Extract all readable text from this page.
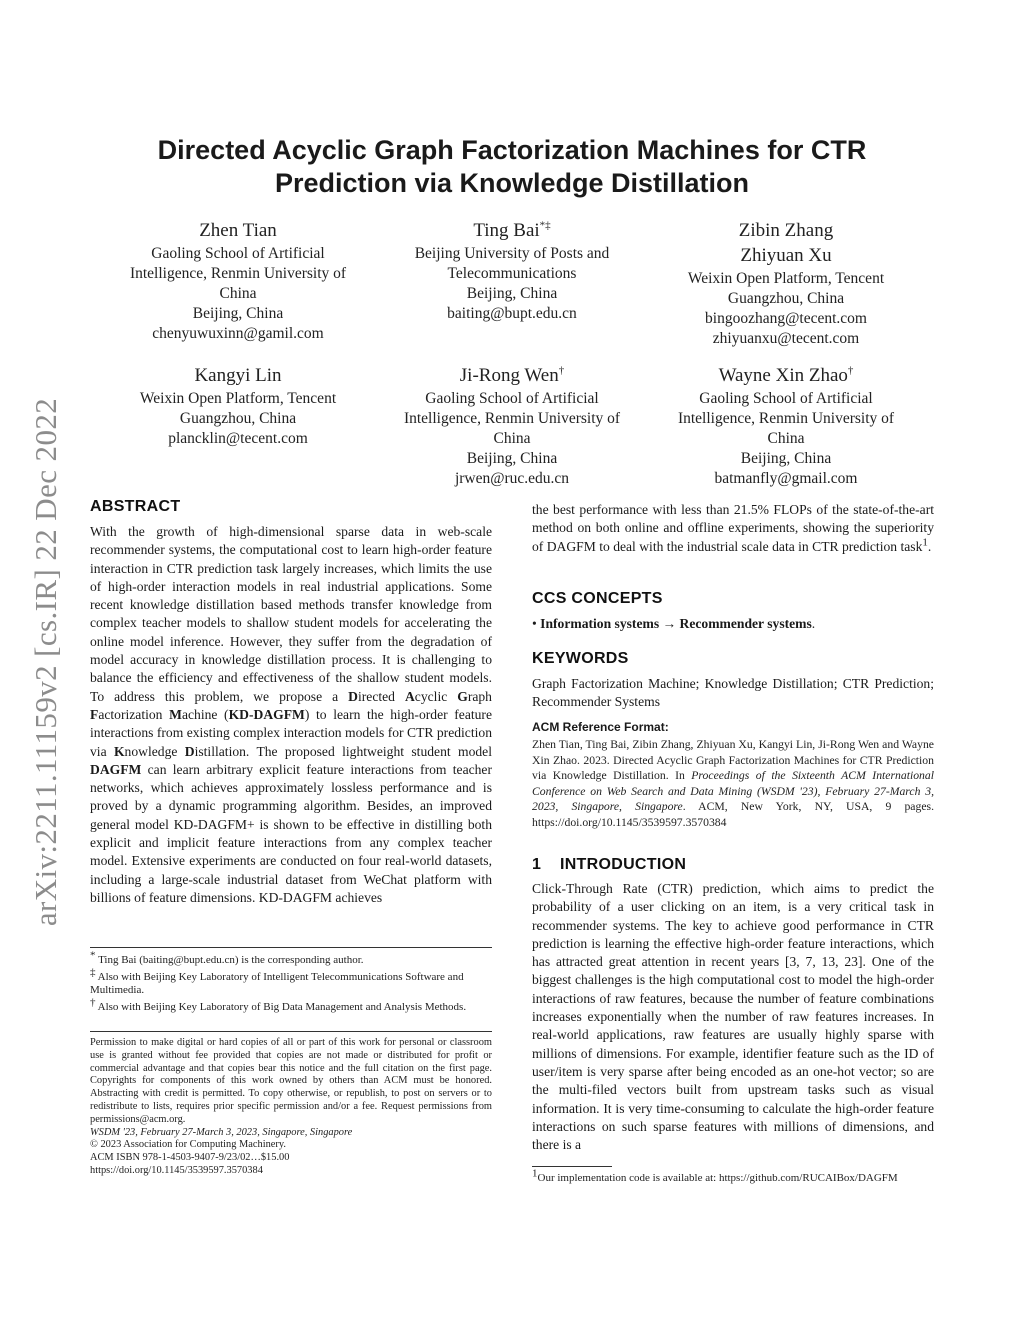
arXiv:2211.11159v2 [cs.IR] 22 Dec 2022
Directed Acyclic Graph Factorization Machines for CTR
Prediction via Knowledge Distillation
Zhen Tian
Gaoling School of Artificial
Intelligence, Renmin University of
China
Beijing, China
chenyuwuxinn@gamil.com
Ting Bai*‡
Beijing University of Posts and
Telecommunications
Beijing, China
baiting@bupt.edu.cn
Zibin Zhang
Zhiyuan Xu
Weixin Open Platform, Tencent
Guangzhou, China
bingoozhang@tecent.com
zhiyuanxu@tecent.com
Kangyi Lin
Weixin Open Platform, Tencent
Guangzhou, China
plancklin@tecent.com
Ji-Rong Wen†
Gaoling School of Artificial
Intelligence, Renmin University of
China
Beijing, China
jrwen@ruc.edu.cn
Wayne Xin Zhao†
Gaoling School of Artificial
Intelligence, Renmin University of
China
Beijing, China
batmanfly@gmail.com
ABSTRACT
With the growth of high-dimensional sparse data in web-scale recommender systems, the computational cost to learn high-order feature interaction in CTR prediction task largely increases, which limits the use of high-order interaction models in real industrial applications. Some recent knowledge distillation based methods transfer knowledge from complex teacher models to shallow student models for accelerating the online model inference. However, they suffer from the degradation of model accuracy in knowledge distillation process. It is challenging to balance the efficiency and effectiveness of the shallow student models. To address this problem, we propose a Directed Acyclic Graph Factorization Machine (KD-DAGFM) to learn the high-order feature interactions from existing complex interaction models for CTR prediction via Knowledge Distillation. The proposed lightweight student model DAGFM can learn arbitrary explicit feature interactions from teacher networks, which achieves approximately lossless performance and is proved by a dynamic programming algorithm. Besides, an improved general model KD-DAGFM+ is shown to be effective in distilling both explicit and implicit feature interactions from any complex teacher model. Extensive experiments are conducted on four real-world datasets, including a large-scale industrial dataset from WeChat platform with billions of feature dimensions. KD-DAGFM achieves
* Ting Bai (baiting@bupt.edu.cn) is the corresponding author.
‡ Also with Beijing Key Laboratory of Intelligent Telecommunications Software and Multimedia.
† Also with Beijing Key Laboratory of Big Data Management and Analysis Methods.
Permission to make digital or hard copies of all or part of this work for personal or classroom use is granted without fee provided that copies are not made or distributed for profit or commercial advantage and that copies bear this notice and the full citation on the first page. Copyrights for components of this work owned by others than ACM must be honored. Abstracting with credit is permitted. To copy otherwise, or republish, to post on servers or to redistribute to lists, requires prior specific permission and/or a fee. Request permissions from permissions@acm.org.
WSDM '23, February 27-March 3, 2023, Singapore, Singapore
© 2023 Association for Computing Machinery.
ACM ISBN 978-1-4503-9407-9/23/02…$15.00
https://doi.org/10.1145/3539597.3570384
the best performance with less than 21.5% FLOPs of the state-of-the-art method on both online and offline experiments, showing the superiority of DAGFM to deal with the industrial scale data in CTR prediction task$^1$.
CCS CONCEPTS
• Information systems → Recommender systems.
KEYWORDS
Graph Factorization Machine; Knowledge Distillation; CTR Prediction; Recommender Systems
ACM Reference Format:
Zhen Tian, Ting Bai, Zibin Zhang, Zhiyuan Xu, Kangyi Lin, Ji-Rong Wen and Wayne Xin Zhao. 2023. Directed Acyclic Graph Factorization Machines for CTR Prediction via Knowledge Distillation. In Proceedings of the Sixteenth ACM International Conference on Web Search and Data Mining (WSDM '23), February 27-March 3, 2023, Singapore, Singapore. ACM, New York, NY, USA, 9 pages. https://doi.org/10.1145/3539597.3570384
1 INTRODUCTION
Click-Through Rate (CTR) prediction, which aims to predict the probability of a user clicking on an item, is a very critical task in recommender systems. The key to achieve good performance in CTR prediction is learning the effective high-order feature interactions, which has attracted great attention in recent years [3, 7, 13, 23]. One of the biggest challenges is the high computational cost to model the high-order interactions of raw features, because the number of feature combinations increases exponentially when the number of raw features increases. In real-world applications, raw features are usually highly sparse with millions of dimensions. For example, identifier feature such as the ID of user/item is very sparse after being encoded as an one-hot vector; so are the multi-filed vectors built from upstream tasks such as visual information. It is very time-consuming to calculate the high-order feature interactions on such sparse features with millions of dimensions, and there is a
$^1$Our implementation code is available at: https://github.com/RUCAIBox/DAGFM
